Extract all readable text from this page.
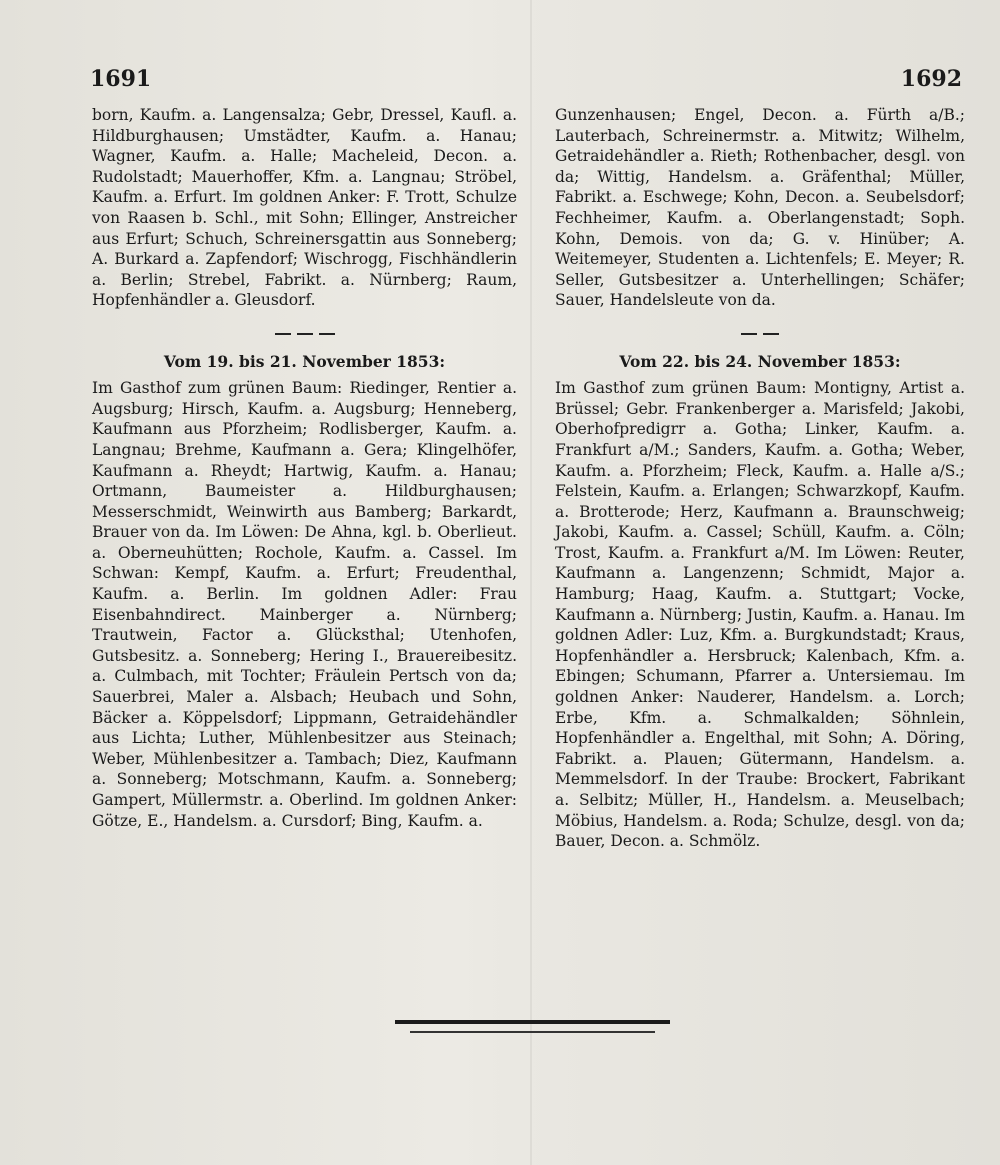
1691	1692

born, Kaufm. a. Langensalza; Gebr, Dressel, Kaufl. a. Hildburghausen; Umstädter, Kaufm. a. Hanau; Wagner, Kaufm. a. Halle; Macheleid, Decon. a. Rudolstadt; Mauerhoffer, Kfm. a. Langnau; Ströbel, Kaufm. a. Erfurt. Im goldnen Anker: F. Trott, Schulze von Raasen b. Schl., mit Sohn; Ellinger, Anstreicher aus Erfurt; Schuch, Schreinersgattin aus Sonneberg; A. Burkard a. Zapfendorf; Wischrogg, Fischhändlerin a. Berlin; Strebel, Fabrikt. a. Nürnberg; Raum, Hopfenhändler a. Gleusdorf.

Vom 19. bis 21. November 1853:

Im Gasthof zum grünen Baum: Riedinger, Rentier a. Augsburg; Hirsch, Kaufm. a. Augsburg; Henneberg, Kaufmann aus Pforzheim; Rodlisberger, Kaufm. a. Langnau; Brehme, Kaufmann a. Gera; Klingelhöfer, Kaufmann a. Rheydt; Hartwig, Kaufm. a. Hanau; Ortmann, Baumeister a. Hildburghausen; Messerschmidt, Weinwirth aus Bamberg; Barkardt, Brauer von da. Im Löwen: De Ahna, kgl. b. Oberlieut. a. Oberneuhütten; Rochole, Kaufm. a. Cassel. Im Schwan: Kempf, Kaufm. a. Erfurt; Freudenthal, Kaufm. a. Berlin. Im goldnen Adler: Frau Eisenbahndirect. Mainberger a. Nürnberg; Trautwein, Factor a. Glücksthal; Utenhofen, Gutsbesitz. a. Sonneberg; Hering I., Brauereibesitz. a. Culmbach, mit Tochter; Fräulein Pertsch von da; Sauerbrei, Maler a. Alsbach; Heubach und Sohn, Bäcker a. Köppelsdorf; Lippmann, Getraidehändler aus Lichta; Luther, Mühlenbesitzer aus Steinach; Weber, Mühlenbesitzer a. Tambach; Diez, Kaufmann a. Sonneberg; Motschmann, Kaufm. a. Sonneberg; Gampert, Müllermstr. a. Oberlind. Im goldnen Anker: Götze, E., Handelsm. a. Cursdorf; Bing, Kaufm. a.

Gunzenhausen; Engel, Decon. a. Fürth a/B.; Lauterbach, Schreinermstr. a. Mitwitz; Wilhelm, Getraidehändler a. Rieth; Rothenbacher, desgl. von da; Wittig, Handelsm. a. Gräfenthal; Müller, Fabrikt. a. Eschwege; Kohn, Decon. a. Seubelsdorf; Fechheimer, Kaufm. a. Oberlangenstadt; Soph. Kohn, Demois. von da; G. v. Hinüber; A. Weitemeyer, Studenten a. Lichtenfels; E. Meyer; R. Seller, Gutsbesitzer a. Unterhellingen; Schäfer; Sauer, Handelsleute von da.

Vom 22. bis 24. November 1853:

Im Gasthof zum grünen Baum: Montigny, Artist a. Brüssel; Gebr. Frankenberger a. Marisfeld; Jakobi, Oberhofpredigrr a. Gotha; Linker, Kaufm. a. Frankfurt a/M.; Sanders, Kaufm. a. Gotha; Weber, Kaufm. a. Pforzheim; Fleck, Kaufm. a. Halle a/S.; Felstein, Kaufm. a. Erlangen; Schwarzkopf, Kaufm. a. Brotterode; Herz, Kaufmann a. Braunschweig; Jakobi, Kaufm. a. Cassel; Schüll, Kaufm. a. Cöln; Trost, Kaufm. a. Frankfurt a/M. Im Löwen: Reuter, Kaufmann a. Langenzenn; Schmidt, Major a. Hamburg; Haag, Kaufm. a. Stuttgart; Vocke, Kaufmann a. Nürnberg; Justin, Kaufm. a. Hanau. Im goldnen Adler: Luz, Kfm. a. Burgkundstadt; Kraus, Hopfenhändler a. Hersbruck; Kalenbach, Kfm. a. Ebingen; Schumann, Pfarrer a. Untersiemau. Im goldnen Anker: Nauderer, Handelsm. a. Lorch; Erbe, Kfm. a. Schmalkalden; Söhnlein, Hopfenhändler a. Engelthal, mit Sohn; A. Döring, Fabrikt. a. Plauen; Gütermann, Handelsm. a. Memmelsdorf. In der Traube: Brockert, Fabrikant a. Selbitz; Müller, H., Handelsm. a. Meuselbach; Möbius, Handelsm. a. Roda; Schulze, desgl. von da; Bauer, Decon. a. Schmölz.
